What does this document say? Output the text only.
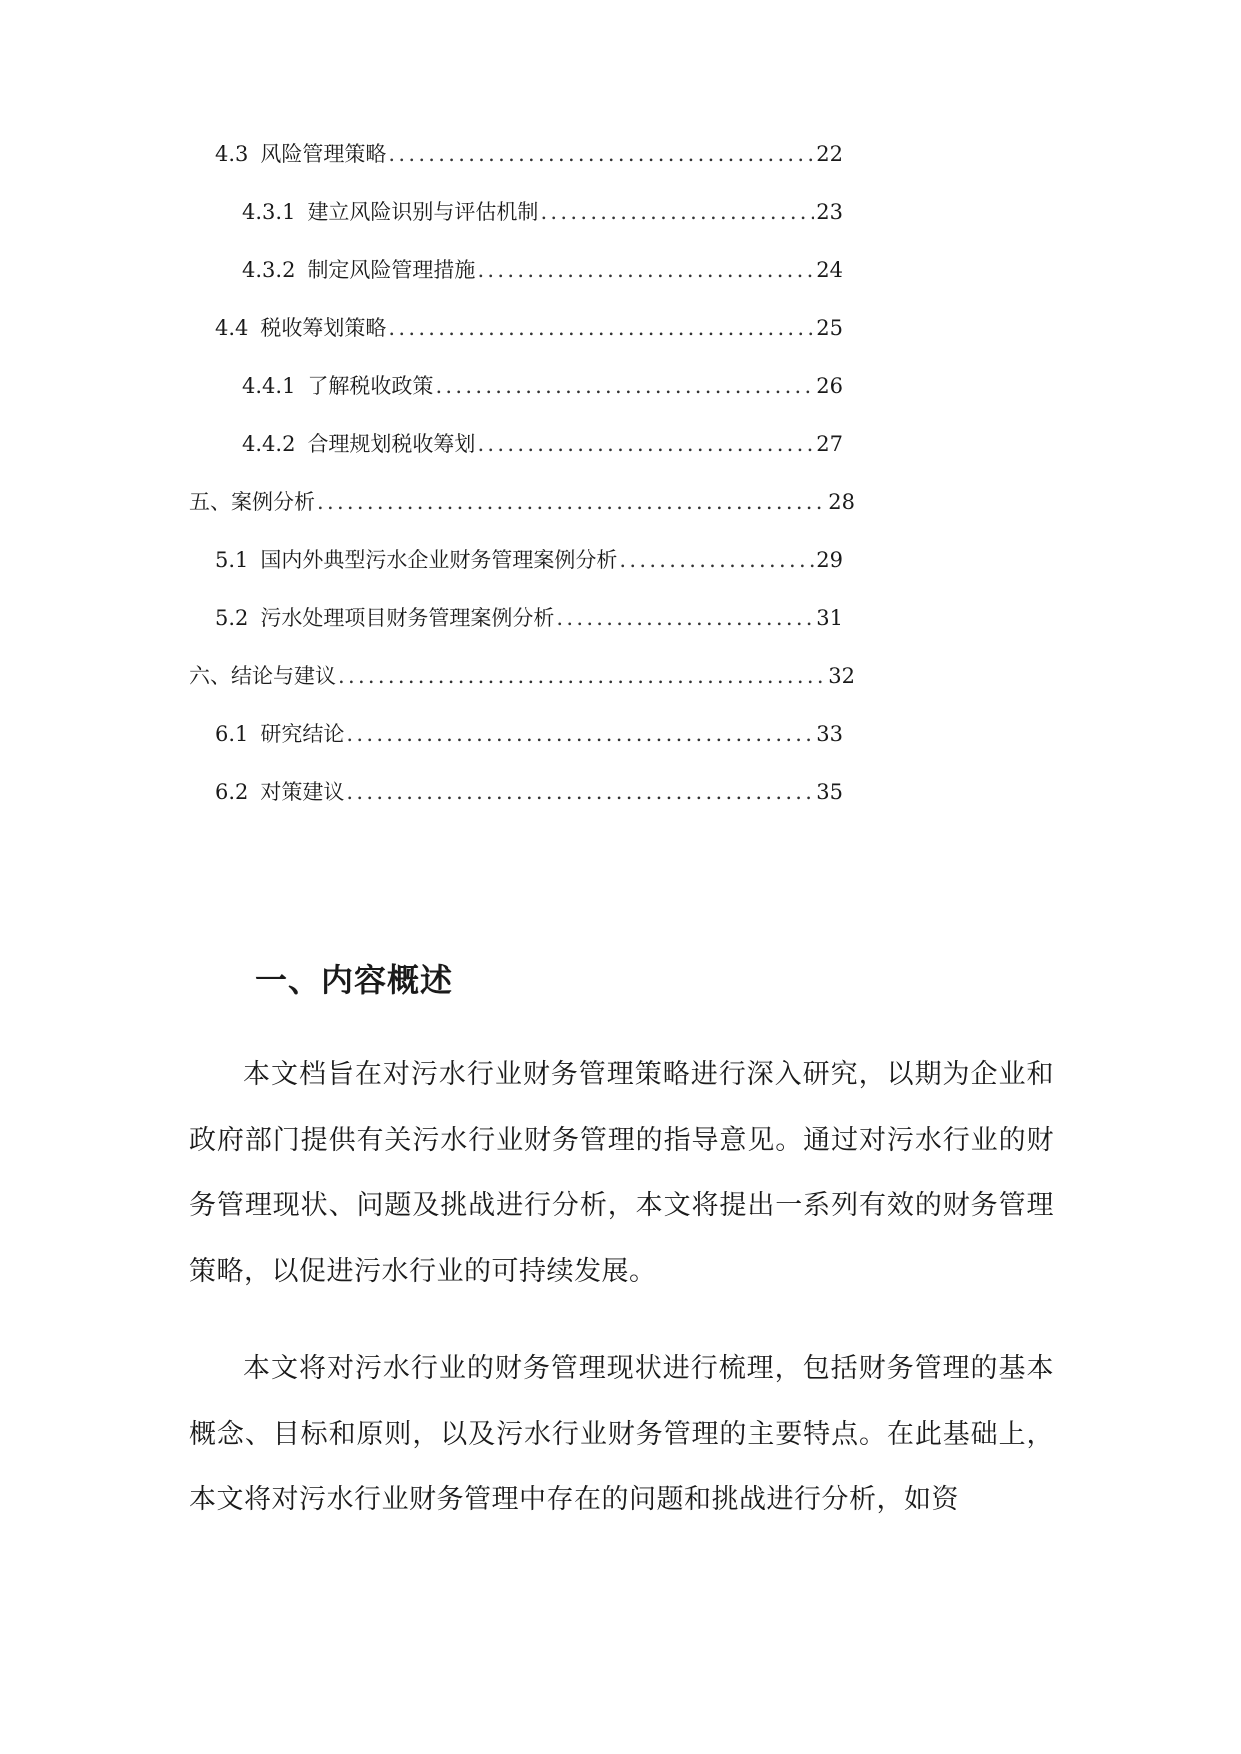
4.3 风险管理策略 .....	22
4.3.1 建立风险识别与评估机制 .....	23
4.3.2 制定风险管理措施 .....	24
4.4 税收筹划策略 .....	25
4.4.1 了解税收政策 .....	26
4.4.2 合理规划税收筹划 .....	27
五、 案例分析 .....	28
5.1 国内外典型污水企业财务管理案例分析 .....	29
5.2 污水处理项目财务管理案例分析 .....	31
六、 结论与建议 .....	32
6.1 研究结论 .....	33
6.2 对策建议 .....	35
一、内容概述

本文档旨在对污水行业财务管理策略进行深入研究，以期为企业和政府部门提供有关污水行业财务管理的指导意见。通过对污水行业的财务管理现状、问题及挑战进行分析，本文将提出一系列有效的财务管理策略，以促进污水行业的可持续发展。

本文将对污水行业的财务管理现状进行梳理，包括财务管理的基本概念、目标和原则，以及污水行业财务管理的主要特点。在此基础上，本文将对污水行业财务管理中存在的问题和挑战进行分析，如资
